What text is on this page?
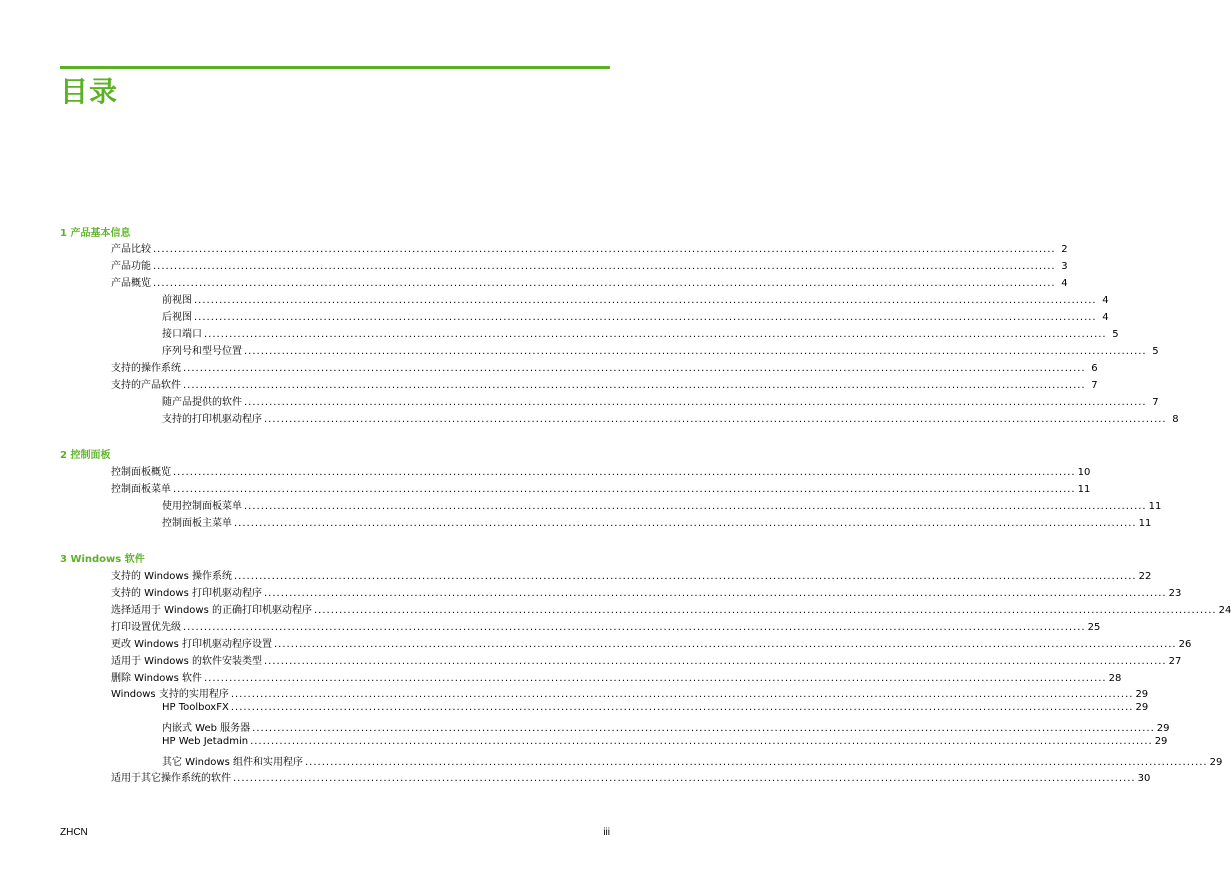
目录
1 产品基本信息
产品比较 ........................................................................................................................................................................................................................ 2
产品功能 ........................................................................................................................................................................................................................ 3
产品概览 ........................................................................................................................................................................................................................ 4
前视图 ........................................................................................................................................................................................................................ 4
后视图 ........................................................................................................................................................................................................................ 4
接口端口 ........................................................................................................................................................................................................................ 5
序列号和型号位置 ........................................................................................................................................................................................................................ 5
支持的操作系统 ........................................................................................................................................................................................................................ 6
支持的产品软件 ........................................................................................................................................................................................................................ 7
随产品提供的软件 ........................................................................................................................................................................................................................ 7
支持的打印机驱动程序 ........................................................................................................................................................................................................................ 8
2 控制面板
控制面板概览 ........................................................................................................................................................................................................................ 10
控制面板菜单 ........................................................................................................................................................................................................................ 11
使用控制面板菜单 ........................................................................................................................................................................................................................ 11
控制面板主菜单 ........................................................................................................................................................................................................................ 11
3 Windows 软件
支持的 Windows 操作系统 ........................................................................................................................................................................................................................ 22
支持的 Windows 打印机驱动程序 ........................................................................................................................................................................................................................ 23
选择适用于 Windows 的正确打印机驱动程序 ........................................................................................................................................................................................................................ 24
打印设置优先级 ........................................................................................................................................................................................................................ 25
更改 Windows 打印机驱动程序设置 ........................................................................................................................................................................................................................ 26
适用于 Windows 的软件安装类型 ........................................................................................................................................................................................................................ 27
删除 Windows 软件 ........................................................................................................................................................................................................................ 28
Windows 支持的实用程序 ........................................................................................................................................................................................................................ 29
HP ToolboxFX ........................................................................................................................................................................................................................ 29
内嵌式 Web 服务器 ........................................................................................................................................................................................................................ 29
HP Web Jetadmin ........................................................................................................................................................................................................................ 29
其它 Windows 组件和实用程序 ........................................................................................................................................................................................................................ 29
适用于其它操作系统的软件 ........................................................................................................................................................................................................................ 30
ZHCN	iii
